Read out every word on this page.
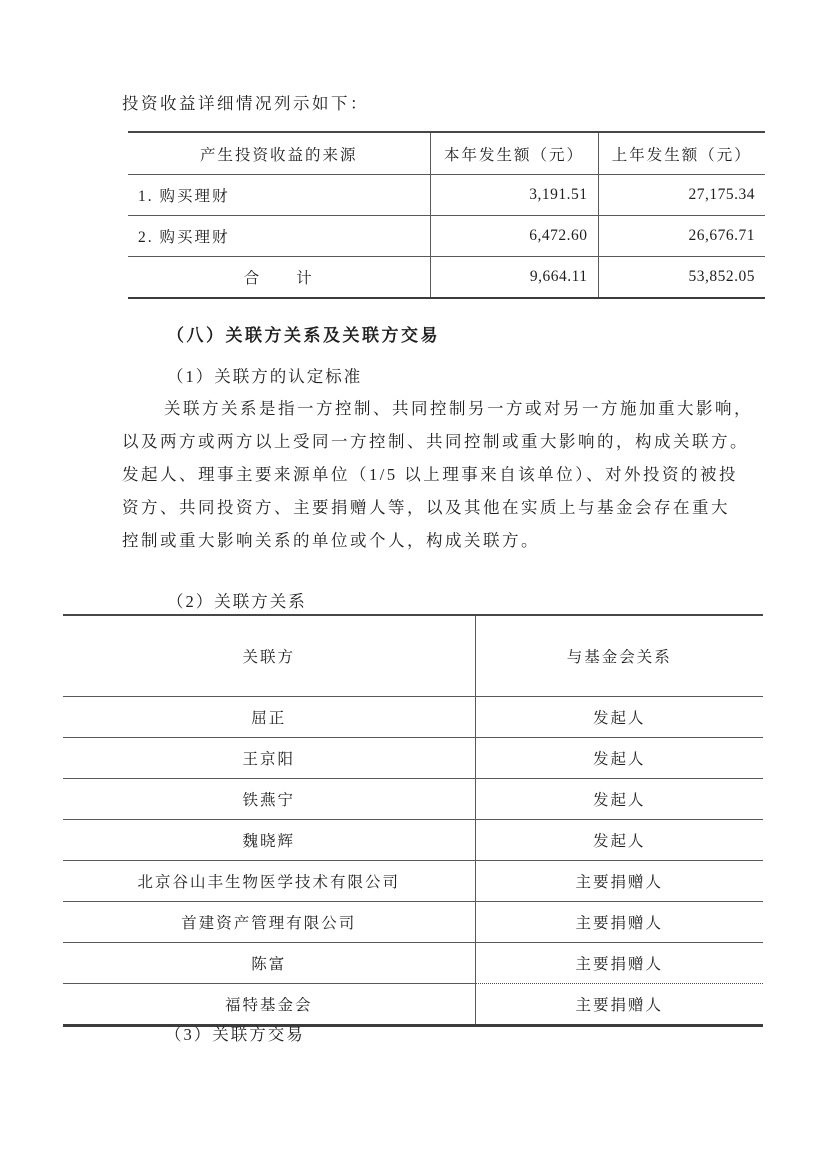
投资收益详细情况列示如下：
产生投资收益的来源	本年发生额（元）	上年发生额（元）
1. 购买理财	3,191.51	27,175.34
2. 购买理财	6,472.60	26,676.71
合　　计	9,664.11	53,852.05
（八）关联方关系及关联方交易
（1）关联方的认定标准
关联方关系是指一方控制、共同控制另一方或对另一方施加重大影响，
以及两方或两方以上受同一方控制、共同控制或重大影响的，构成关联方。
发起人、理事主要来源单位（1/5 以上理事来自该单位）、对外投资的被投
资方、共同投资方、主要捐赠人等，以及其他在实质上与基金会存在重大
控制或重大影响关系的单位或个人，构成关联方。
（2）关联方关系
关联方	与基金会关系
屈正	发起人
王京阳	发起人
铁燕宁	发起人
魏晓辉	发起人
北京谷山丰生物医学技术有限公司	主要捐赠人
首建资产管理有限公司	主要捐赠人
陈富	主要捐赠人
福特基金会	主要捐赠人
（3）关联方交易
